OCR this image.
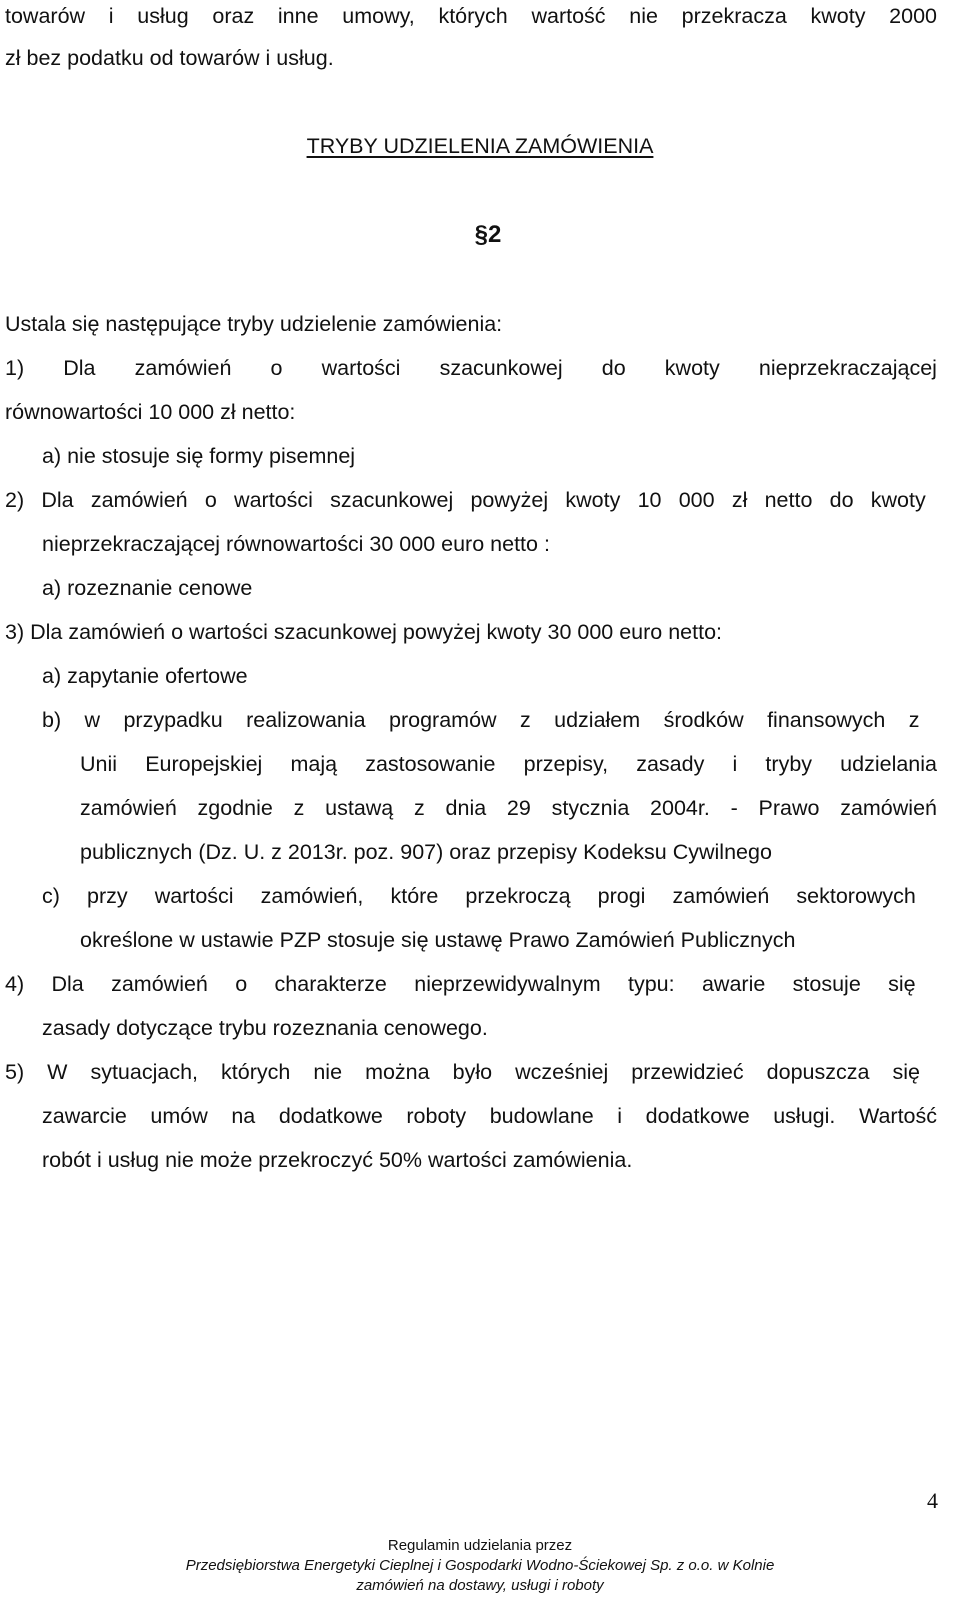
towarów i usług oraz inne umowy, których wartość nie przekracza kwoty 2000
zł bez podatku od towarów i usług.
TRYBY UDZIELENIA ZAMÓWIENIA
§2
Ustala się następujące tryby udzielenie zamówienia:
1) Dla zamówień o wartości szacunkowej do kwoty nieprzekraczającej
równowartości 10 000 zł netto:
a) nie stosuje się formy pisemnej
2) Dla zamówień o wartości szacunkowej powyżej kwoty 10 000 zł netto do kwoty
nieprzekraczającej równowartości 30 000 euro netto :
a) rozeznanie cenowe
3) Dla zamówień o wartości szacunkowej powyżej kwoty 30 000 euro netto:
a) zapytanie ofertowe
b) w przypadku realizowania programów z udziałem środków finansowych z
Unii Europejskiej mają zastosowanie przepisy, zasady i tryby udzielania
zamówień zgodnie z ustawą z dnia 29 stycznia 2004r. - Prawo zamówień
publicznych (Dz. U. z 2013r. poz. 907) oraz przepisy Kodeksu Cywilnego
c) przy wartości zamówień, które przekroczą progi zamówień sektorowych
określone w ustawie PZP stosuje się ustawę Prawo Zamówień Publicznych
4) Dla zamówień o charakterze nieprzewidywalnym typu: awarie stosuje się
zasady dotyczące trybu rozeznania cenowego.
5) W sytuacjach, których nie można było wcześniej przewidzieć dopuszcza się
zawarcie umów na dodatkowe roboty budowlane i dodatkowe usługi. Wartość
robót i usług nie może przekroczyć 50% wartości zamówienia.
4
Regulamin udzielania przez
Przedsiębiorstwa Energetyki Cieplnej i Gospodarki Wodno-Ściekowej Sp. z o.o. w Kolnie
zamówień na dostawy, usługi i roboty
